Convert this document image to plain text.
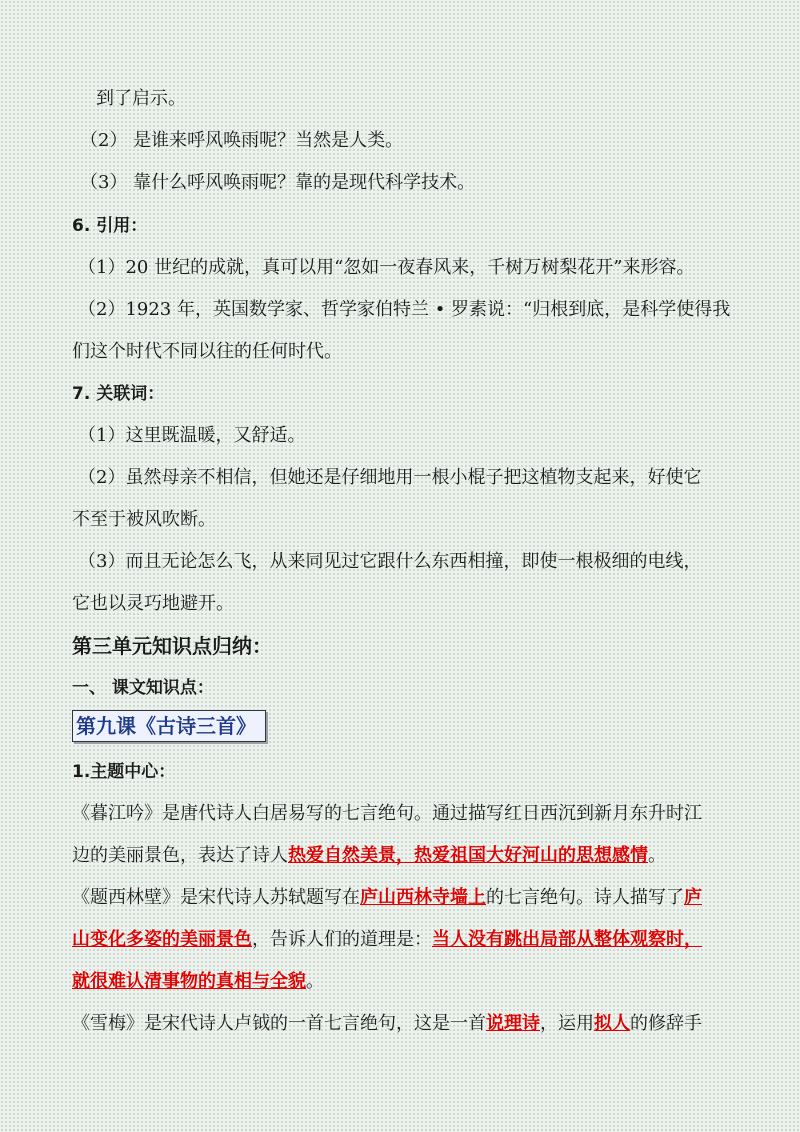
到了启示。
（2） 是谁来呼风唤雨呢？当然是人类。
（3） 靠什么呼风唤雨呢？靠的是现代科学技术。
6. 引用：
（1）20 世纪的成就，真可以用“忽如一夜春风来，千树万树梨花开”来形容。
（2）1923 年，英国数学家、哲学家伯特兰 • 罗素说：“归根到底，是科学使得我
们这个时代不同以往的任何时代。
7. 关联词：
（1）这里既温暖，又舒适。
（2）虽然母亲不相信，但她还是仔细地用一根小棍子把这植物支起来，好使它
不至于被风吹断。
（3）而且无论怎么飞，从来同见过它跟什么东西相撞，即使一根极细的电线，
它也以灵巧地避开。
第三单元知识点归纳：
一、 课文知识点：
第九课《古诗三首》
1.主题中心：
《暮江吟》是唐代诗人白居易写的七言绝句。通过描写红日西沉到新月东升时江
边的美丽景色，表达了诗人热爱自然美景，热爱祖国大好河山的思想感情。
《题西林壁》是宋代诗人苏轼题写在庐山西林寺墙上的七言绝句。诗人描写了庐
山变化多姿的美丽景色，告诉人们的道理是：当人没有跳出局部从整体观察时，
就很难认清事物的真相与全貌。
《雪梅》是宋代诗人卢钺的一首七言绝句，这是一首说理诗，运用拟人的修辞手
